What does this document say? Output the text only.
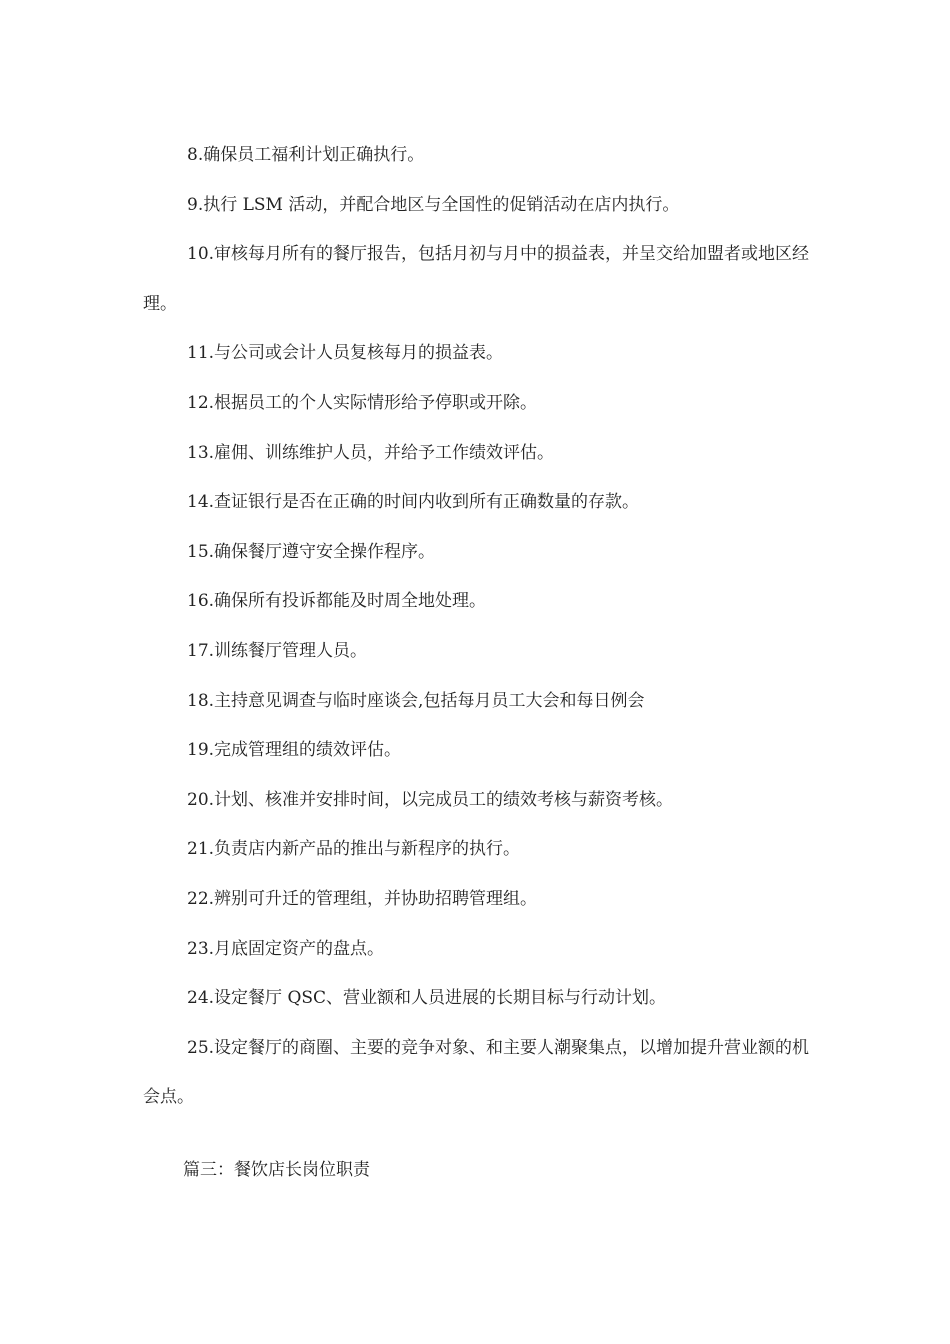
8.确保员工福利计划正确执行。

9.执行 LSM 活动，并配合地区与全国性的促销活动在店内执行。

10.审核每月所有的餐厅报告，包括月初与月中的损益表，并呈交给加盟者或地区经理。

11.与公司或会计人员复核每月的损益表。

12.根据员工的个人实际情形给予停职或开除。

13.雇佣、训练维护人员，并给予工作绩效评估。

14.查证银行是否在正确的时间内收到所有正确数量的存款。

15.确保餐厅遵守安全操作程序。

16.确保所有投诉都能及时周全地处理。

17.训练餐厅管理人员。

18.主持意见调查与临时座谈会,包括每月员工大会和每日例会

19.完成管理组的绩效评估。

20.计划、核准并安排时间，以完成员工的绩效考核与薪资考核。

21.负责店内新产品的推出与新程序的执行。

22.辨别可升迁的管理组，并协助招聘管理组。

23.月底固定资产的盘点。

24.设定餐厅 QSC、营业额和人员进展的长期目标与行动计划。

25.设定餐厅的商圈、主要的竞争对象、和主要人潮聚集点，以增加提升营业额的机会点。

篇三：餐饮店长岗位职责
